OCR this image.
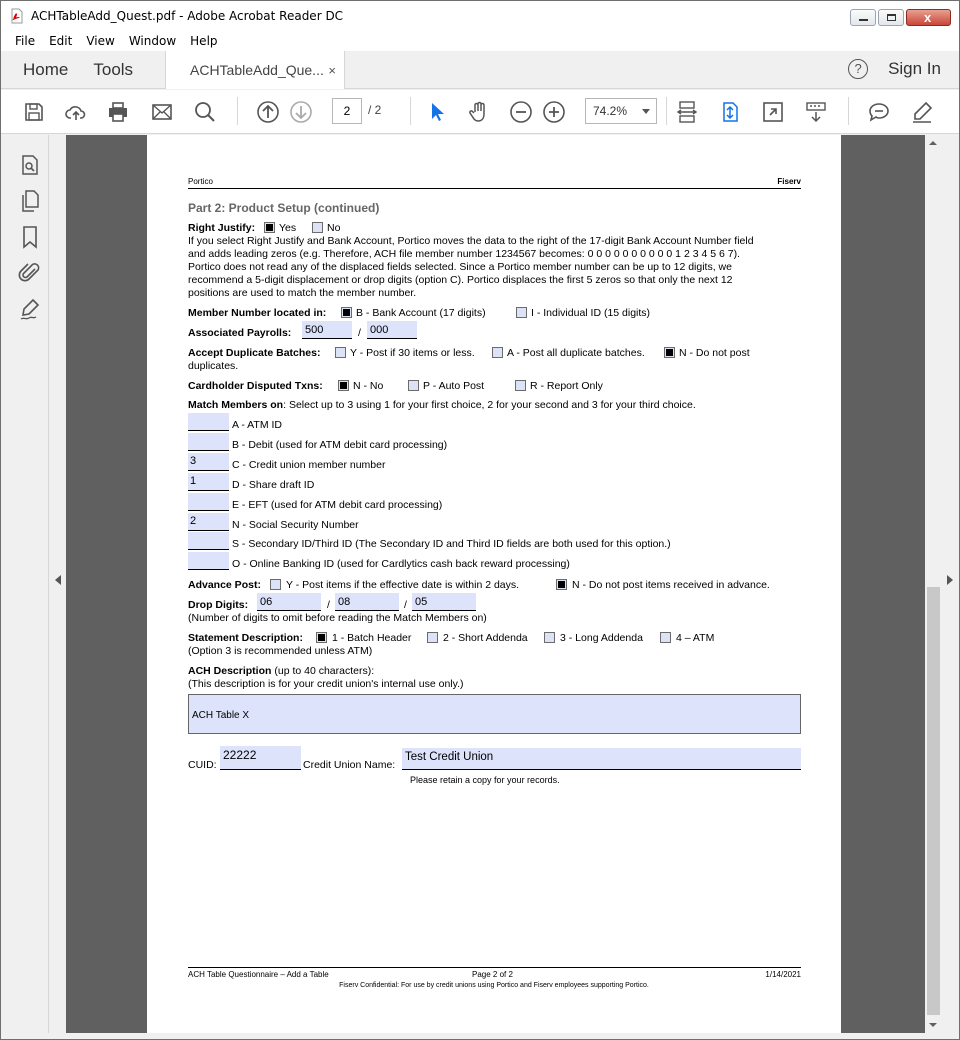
ACHTableAdd_Quest.pdf - Adobe Acrobat Reader DC	x
File	Edit	View	Window	Help
Home Tools	ACHTableAdd_Que... ×	?	Sign In
2	/ 2	74.2%
Portico	Fiserv
Part 2: Product Setup (continued)
Right Justify: Yes	No
If you select Right Justify and Bank Account, Portico moves the data to the right of the 17-digit Bank Account Number field
and adds leading zeros (e.g. Therefore, ACH file member number 1234567 becomes: 0 0 0 0 0 0 0 0 0 0 1 2 3 4 5 6 7).
Portico does not read any of the displaced fields selected. Since a Portico member number can be up to 12 digits, we
recommend a 5-digit displacement or drop digits (option C). Portico displaces the first 5 zeros so that only the next 12
positions are used to match the member number.
Member Number located in:	B - Bank Account (17 digits)	I - Individual ID (15 digits)
Associated Payrolls: 500	/ 000
Accept Duplicate Batches:	Y - Post if 30 items or less.	A - Post all duplicate batches.	N - Do not post
duplicates.
Cardholder Disputed Txns:	N - No	P - Auto Post	R - Report Only
Match Members on: Select up to 3 using 1 for your first choice, 2 for your second and 3 for your third choice.
A - ATM ID
B - Debit (used for ATM debit card processing)
3	C - Credit union member number
1	D - Share draft ID
E - EFT (used for ATM debit card processing)
2	N - Social Security Number
S - Secondary ID/Third ID (The Secondary ID and Third ID fields are both used for this option.)
O - Online Banking ID (used for Cardlytics cash back reward processing)
Advance Post: Y - Post items if the effective date is within 2 days.	N - Do not post items received in advance.
Drop Digits: 06	/ 08	/ 05
(Number of digits to omit before reading the Match Members on)
Statement Description:	1 - Batch Header	2 - Short Addenda	3 - Long Addenda	4 – ATM
(Option 3 is recommended unless ATM)
ACH Description (up to 40 characters):
(This description is for your credit union's internal use only.)
ACH Table X
CUID:
22222
Credit Union Name:
Test Credit Union
Please retain a copy for your records.
ACH Table Questionnaire – Add a Table	Page 2 of 2	1/14/2021
Fiserv Confidential: For use by credit unions using Portico and Fiserv employees supporting Portico.
